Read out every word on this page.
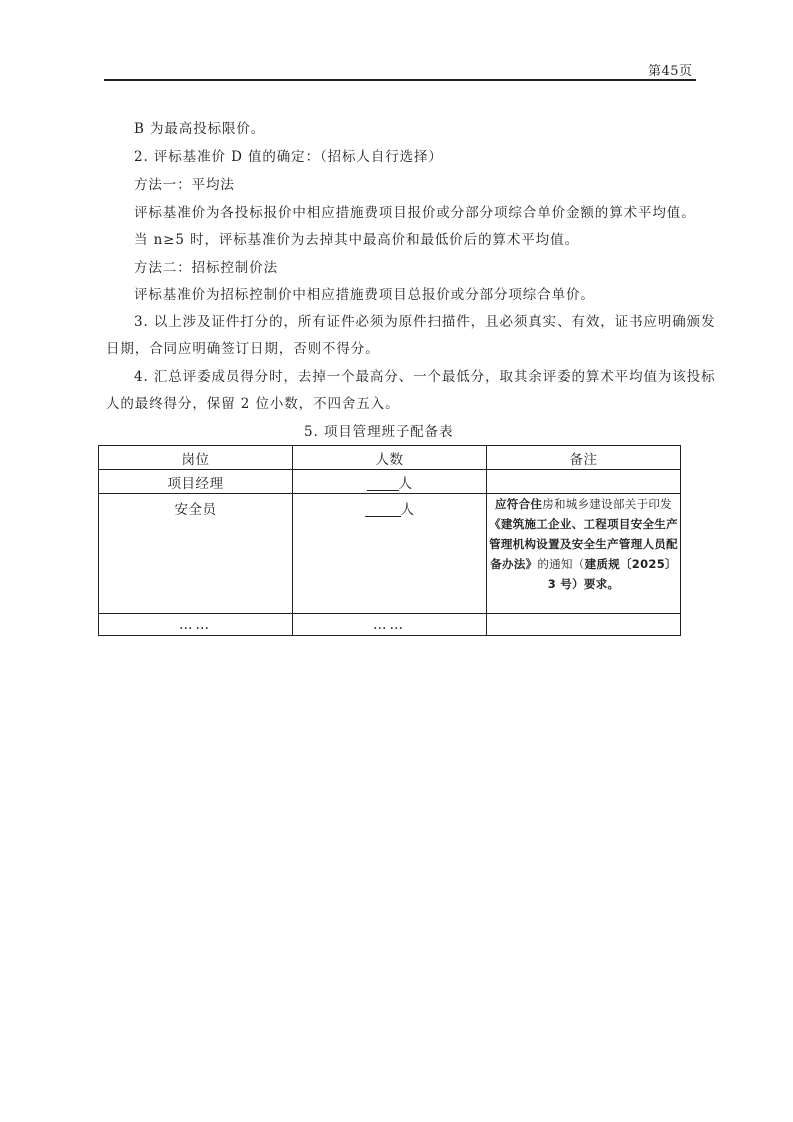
第45页
B 为最高投标限价。
2. 评标基准价 D 值的确定：（招标人自行选择）
方法一：平均法
评标基准价为各投标报价中相应措施费项目报价或分部分项综合单价金额的算术平均值。
当 n≥5 时，评标基准价为去掉其中最高价和最低价后的算术平均值。
方法二：招标控制价法
评标基准价为招标控制价中相应措施费项目总报价或分部分项综合单价。
3. 以上涉及证件打分的，所有证件必须为原件扫描件，且必须真实、有效，证书应明确颁发
日期，合同应明确签订日期，否则不得分。
4. 汇总评委成员得分时，去掉一个最高分、一个最低分，取其余评委的算术平均值为该投标
人的最终得分，保留 2 位小数，不四舍五入。
5. 项目管理班子配备表
岗位	人数	备注
项目经理	人	
安全员	人	应符合住房和城乡建设部关于印发《建筑施工企业、工程项目安全生产管理机构设置及安全生产管理人员配备办法》的通知（建质规〔2025〕3 号）要求。
……	……	
